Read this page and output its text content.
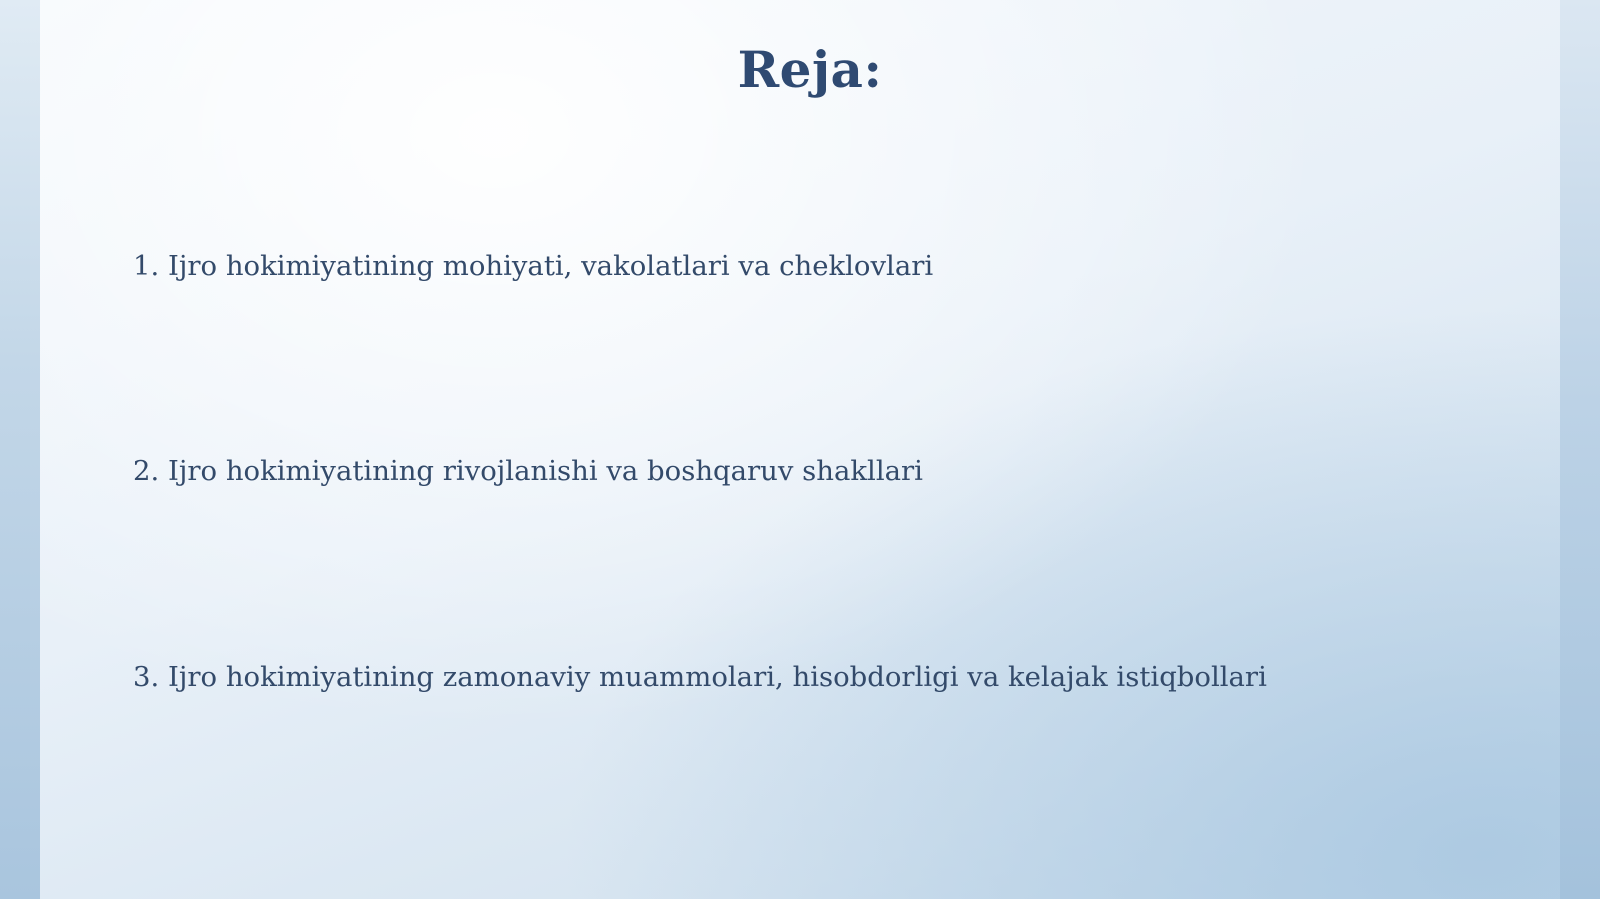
Reja:
1. Ijro hokimiyatining mohiyati, vakolatlari va cheklovlari
2. Ijro hokimiyatining rivojlanishi va boshqaruv shakllari
3. Ijro hokimiyatining zamonaviy muammolari, hisobdorligi va kelajak istiqbollari
